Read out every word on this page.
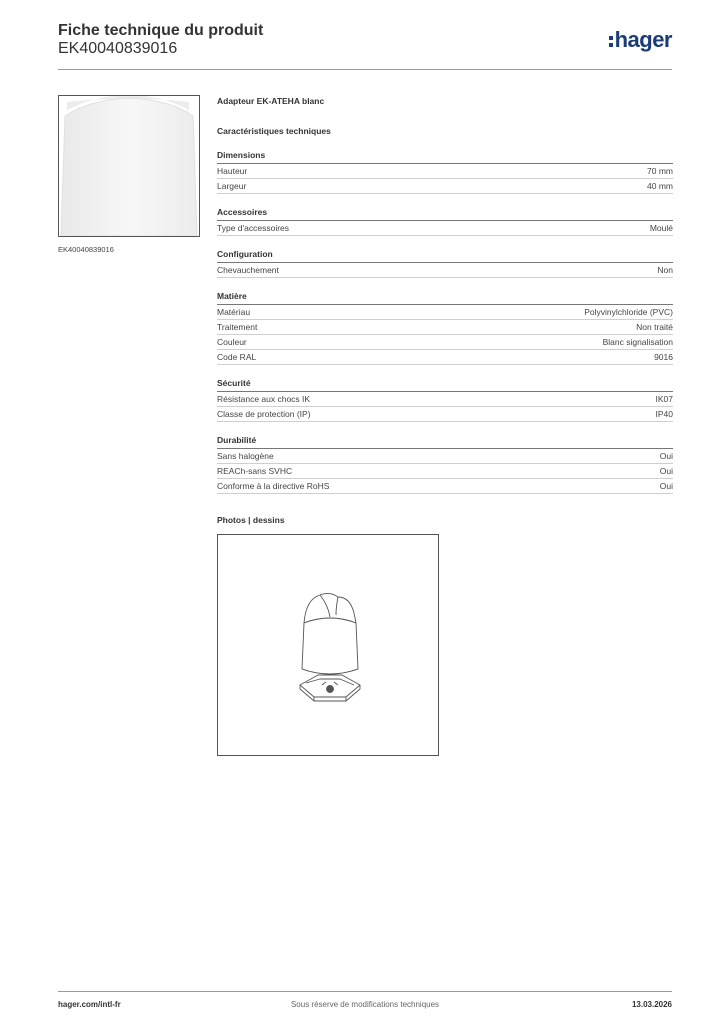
Fiche technique du produit
EK40040839016	hager
EK40040839016
Adapteur EK-ATEHA blanc
Caractéristiques techniques
Dimensions
Hauteur	70 mm
Largeur	40 mm
Accessoires
Type d'accessoires	Moulé
Configuration
Chevauchement	Non
Matière
Matériau	Polyvinylchloride (PVC)
Traitement	Non traité
Couleur	Blanc signalisation
Code RAL	9016
Sécurité
Résistance aux chocs IK	IK07
Classe de protection (IP)	IP40
Durabilité
Sans halogène	Oui
REACh-sans SVHC	Oui
Conforme à la directive RoHS	Oui
Photos | dessins
hager.com/intl-fr	Sous réserve de modifications techniques	13.03.2026
